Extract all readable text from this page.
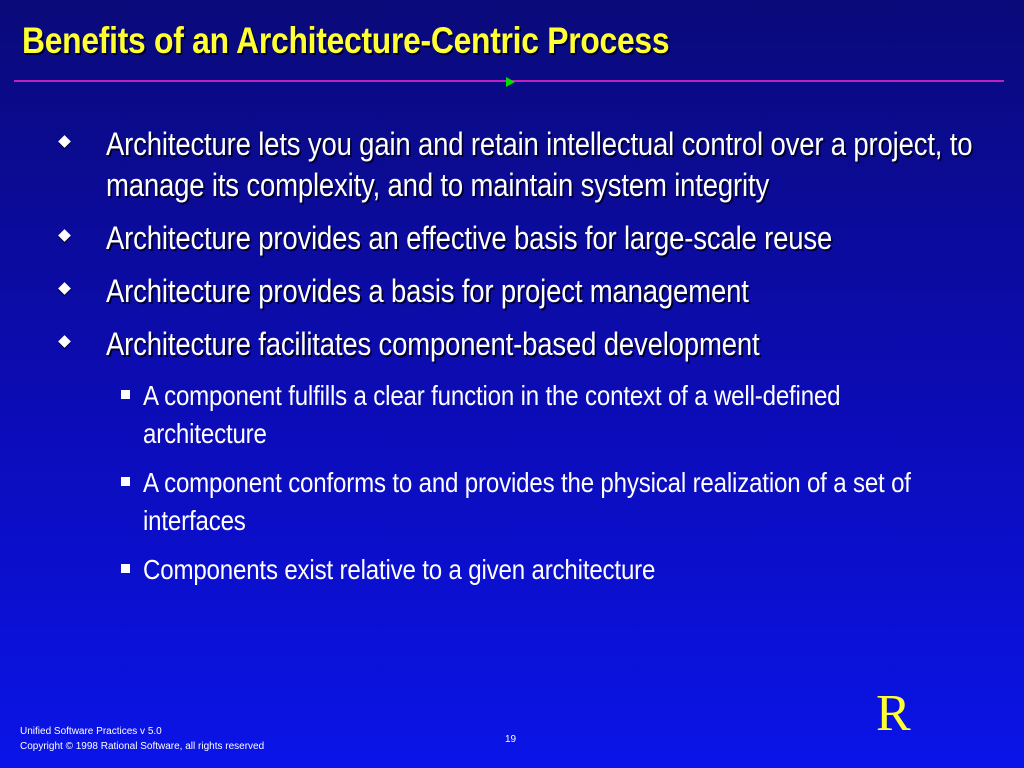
Benefits of an Architecture-Centric Process
Architecture lets you gain and retain intellectual control over a project, to manage its complexity, and to maintain system integrity
Architecture provides an effective basis for large-scale reuse
Architecture provides a basis for project management
Architecture facilitates component-based development
A component fulfills a clear function in the context of a well-defined architecture
A component conforms to and provides the physical realization of a set of interfaces
Components exist relative to a given architecture
Unified Software Practices v 5.0
Copyright © 1998 Rational Software, all rights reserved
19	R
